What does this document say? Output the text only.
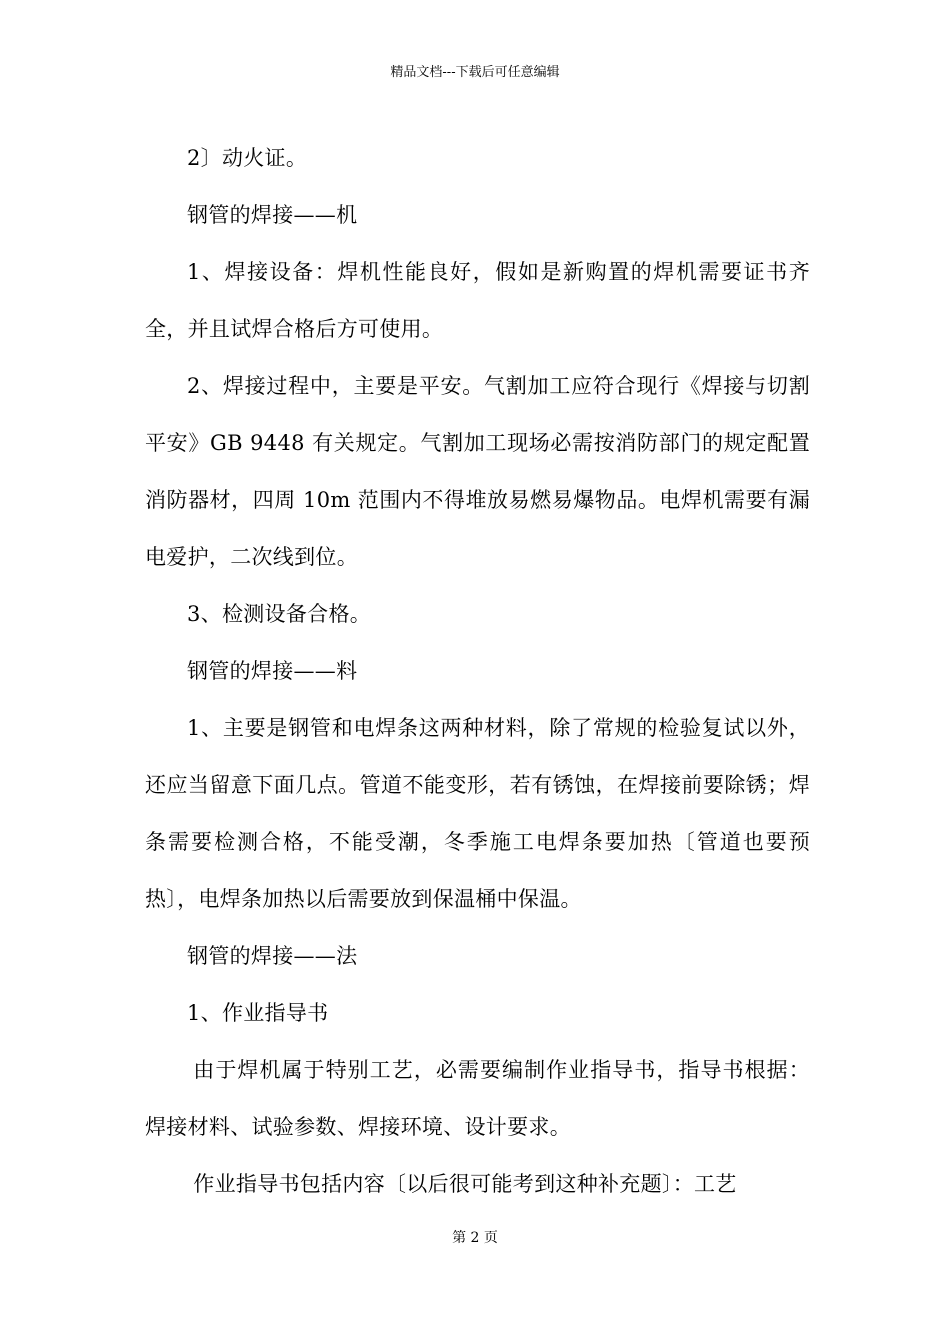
精品文档---下载后可任意编辑

2〕动火证。

钢管的焊接——机

1、焊接设备：焊机性能良好，假如是新购置的焊机需要证书齐全，并且试焊合格后方可使用。

2、焊接过程中，主要是平安。气割加工应符合现行《焊接与切割平安》GB 9448 有关规定。气割加工现场必需按消防部门的规定配置消防器材，四周 10m 范围内不得堆放易燃易爆物品。电焊机需要有漏电爱护，二次线到位。

3、检测设备合格。

钢管的焊接——料

1、主要是钢管和电焊条这两种材料，除了常规的检验复试以外，还应当留意下面几点。管道不能变形，若有锈蚀，在焊接前要除锈；焊条需要检测合格，不能受潮，冬季施工电焊条要加热〔管道也要预热〕，电焊条加热以后需要放到保温桶中保温。

钢管的焊接——法

1、作业指导书

由于焊机属于特别工艺，必需要编制作业指导书，指导书根据：焊接材料、试验参数、焊接环境、设计要求。

作业指导书包括内容〔以后很可能考到这种补充题〕：工艺

第 2 页
